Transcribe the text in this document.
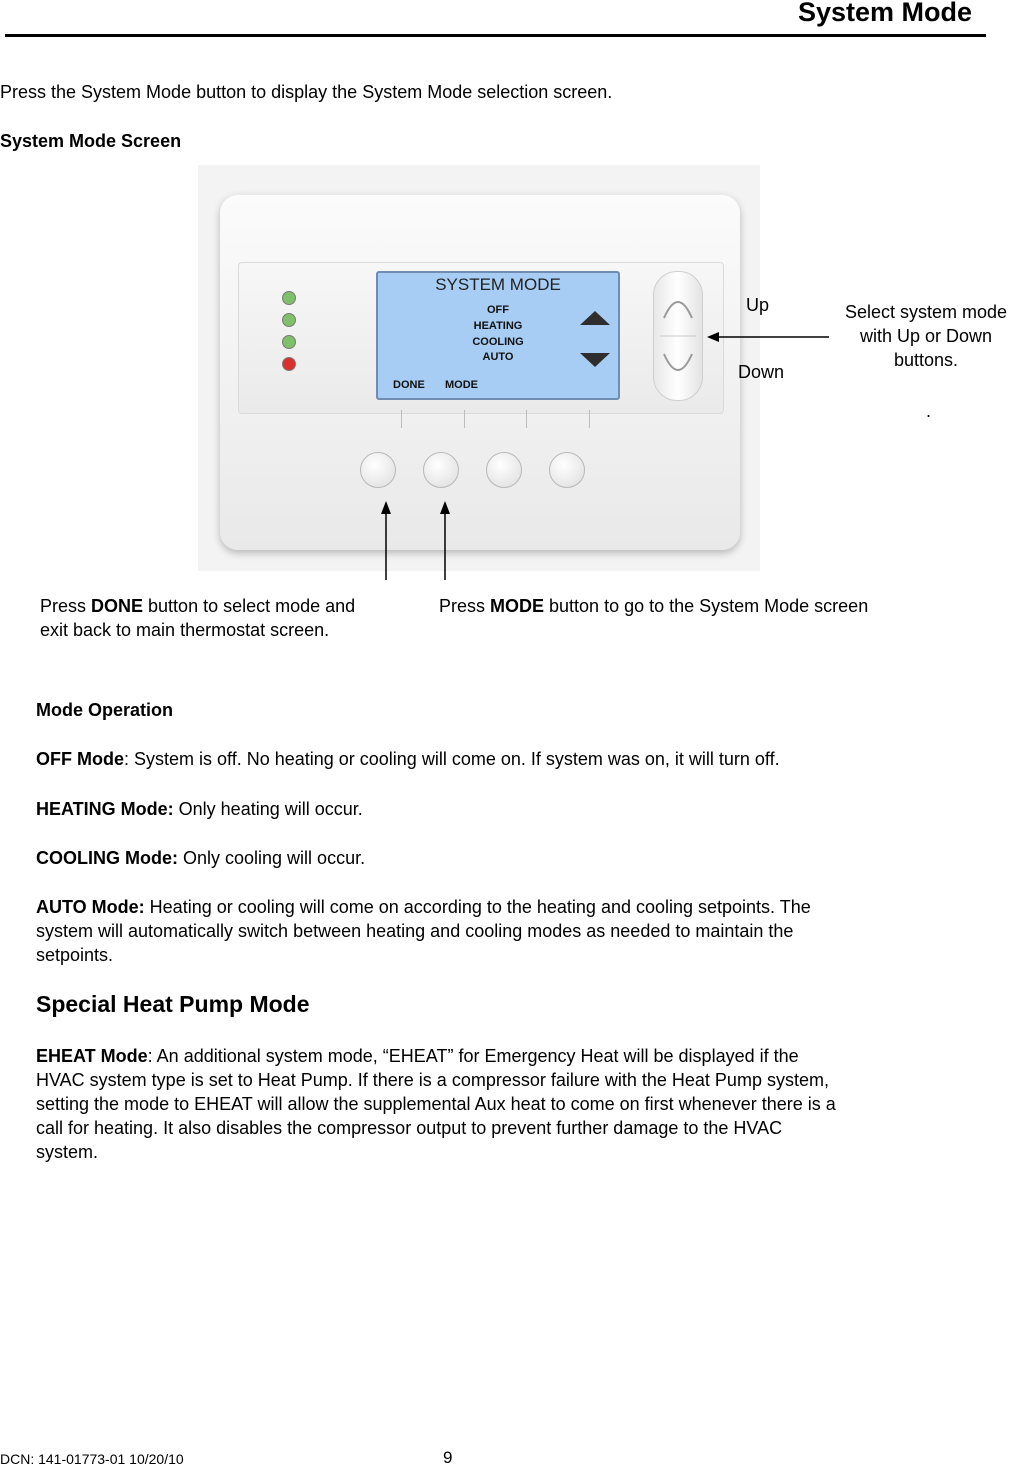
System Mode
Press the System Mode button to display the System Mode selection screen.
System Mode Screen
SYSTEM MODE
OFF
HEATING
COOLING
AUTO
DONE MODE
Up
Down
Select system mode
with Up or Down
buttons.
.
Press DONE button to select mode and
exit back to main thermostat screen.
Press MODE button to go to the System Mode screen
Mode Operation
OFF Mode: System is off. No heating or cooling will come on. If system was on, it will turn off.
HEATING Mode: Only heating will occur.
COOLING Mode: Only cooling will occur.
AUTO Mode: Heating or cooling will come on according to the heating and cooling setpoints. The
system will automatically switch between heating and cooling modes as needed to maintain the
setpoints.
Special Heat Pump Mode
EHEAT Mode: An additional system mode, “EHEAT” for Emergency Heat will be displayed if the
HVAC system type is set to Heat Pump. If there is a compressor failure with the Heat Pump system,
setting the mode to EHEAT will allow the supplemental Aux heat to come on first whenever there is a
call for heating. It also disables the compressor output to prevent further damage to the HVAC
system.
DCN: 141-01773-01 10/20/10	9
